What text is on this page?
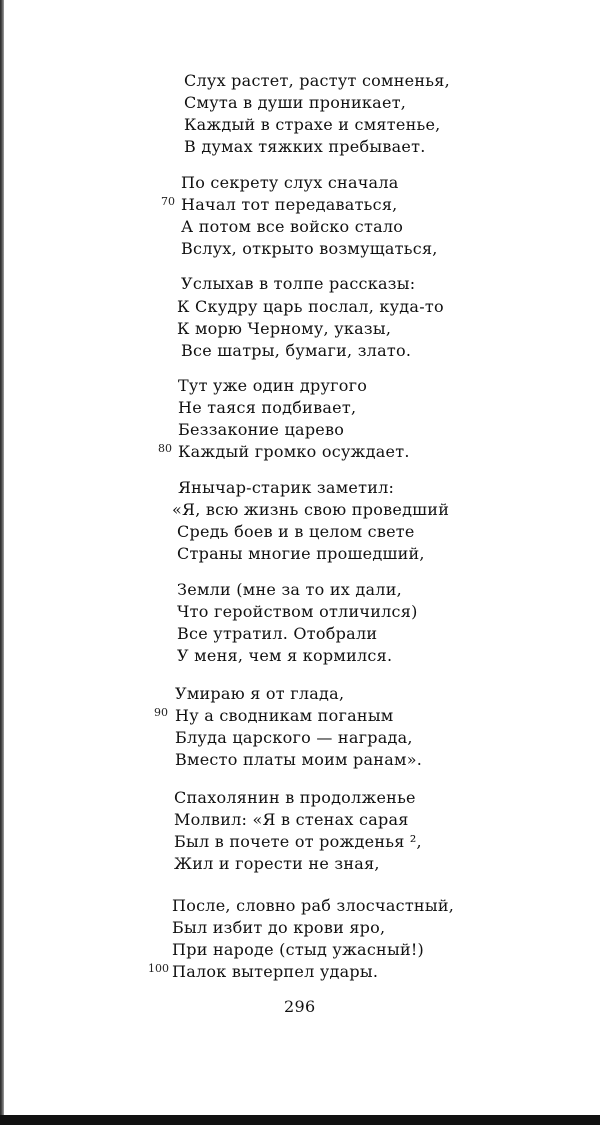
Слух растет, растут сомненья,
Смута в души проникает,
Каждый в страхе и смятенье,
В думах тяжких пребывает.
По секрету слух сначала
70 Начал тот передаваться,
А потом все войско стало
Вслух, открыто возмущаться,
Услыхав в толпе рассказы:
К Скудру царь послал, куда-то
К морю Черному, указы,
Все шатры, бумаги, злато.
Тут уже один другого
Не таяся подбивает,
Беззаконие царево
80 Каждый громко осуждает.
Янычар-старик заметил:
«Я, всю жизнь свою проведший
Средь боев и в целом свете
Страны многие прошедший,
Земли (мне за то их дали,
Что геройством отличился)
Все утратил. Отобрали
У меня, чем я кормился.
Умираю я от глада,
90 Ну а сводникам поганым
Блуда царского — награда,
Вместо платы моим ранам».
Спахолянин в продолженье
Молвил: «Я в стенах сарая
Был в почете от рожденья ²,
Жил и горести не зная,
После, словно раб злосчастный,
Был избит до крови яро,
При народе (стыд ужасный!)
100 Палок вытерпел удары.
296
